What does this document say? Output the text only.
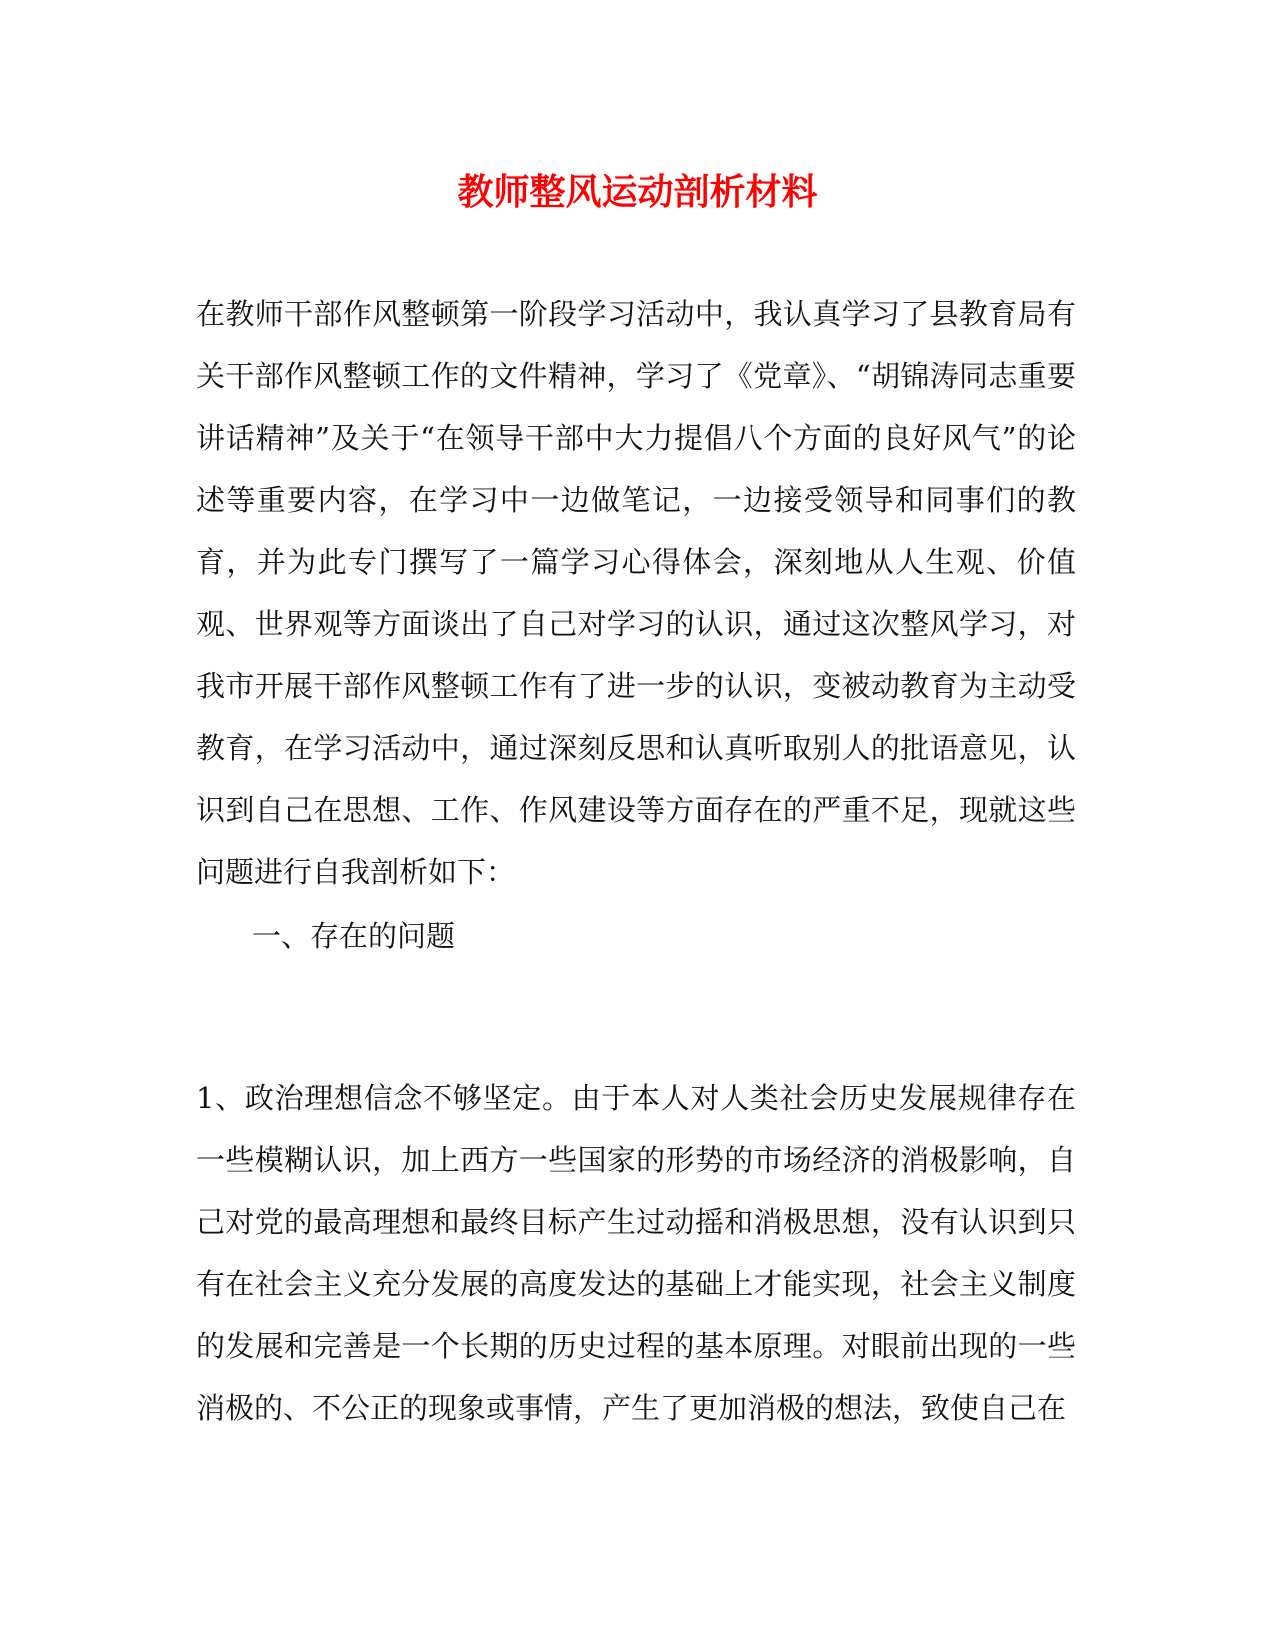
教师整风运动剖析材料

在教师干部作风整顿第一阶段学习活动中，我认真学习了县教育局有关干部作风整顿工作的文件精神，学习了《党章》、“胡锦涛同志重要讲话精神”及关于“在领导干部中大力提倡八个方面的良好风气”的论述等重要内容，在学习中一边做笔记，一边接受领导和同事们的教育，并为此专门撰写了一篇学习心得体会，深刻地从人生观、价值观、世界观等方面谈出了自己对学习的认识，通过这次整风学习，对我市开展干部作风整顿工作有了进一步的认识，变被动教育为主动受教育，在学习活动中，通过深刻反思和认真听取别人的批语意见，认识到自己在思想、工作、作风建设等方面存在的严重不足，现就这些问题进行自我剖析如下：

一、存在的问题

1、政治理想信念不够坚定。由于本人对人类社会历史发展规律存在一些模糊认识，加上西方一些国家的形势的市场经济的消极影响，自己对党的最高理想和最终目标产生过动摇和消极思想，没有认识到只有在社会主义充分发展的高度发达的基础上才能实现，社会主义制度的发展和完善是一个长期的历史过程的基本原理。对眼前出现的一些消极的、不公正的现象或事情，产生了更加消极的想法，致使自己在
